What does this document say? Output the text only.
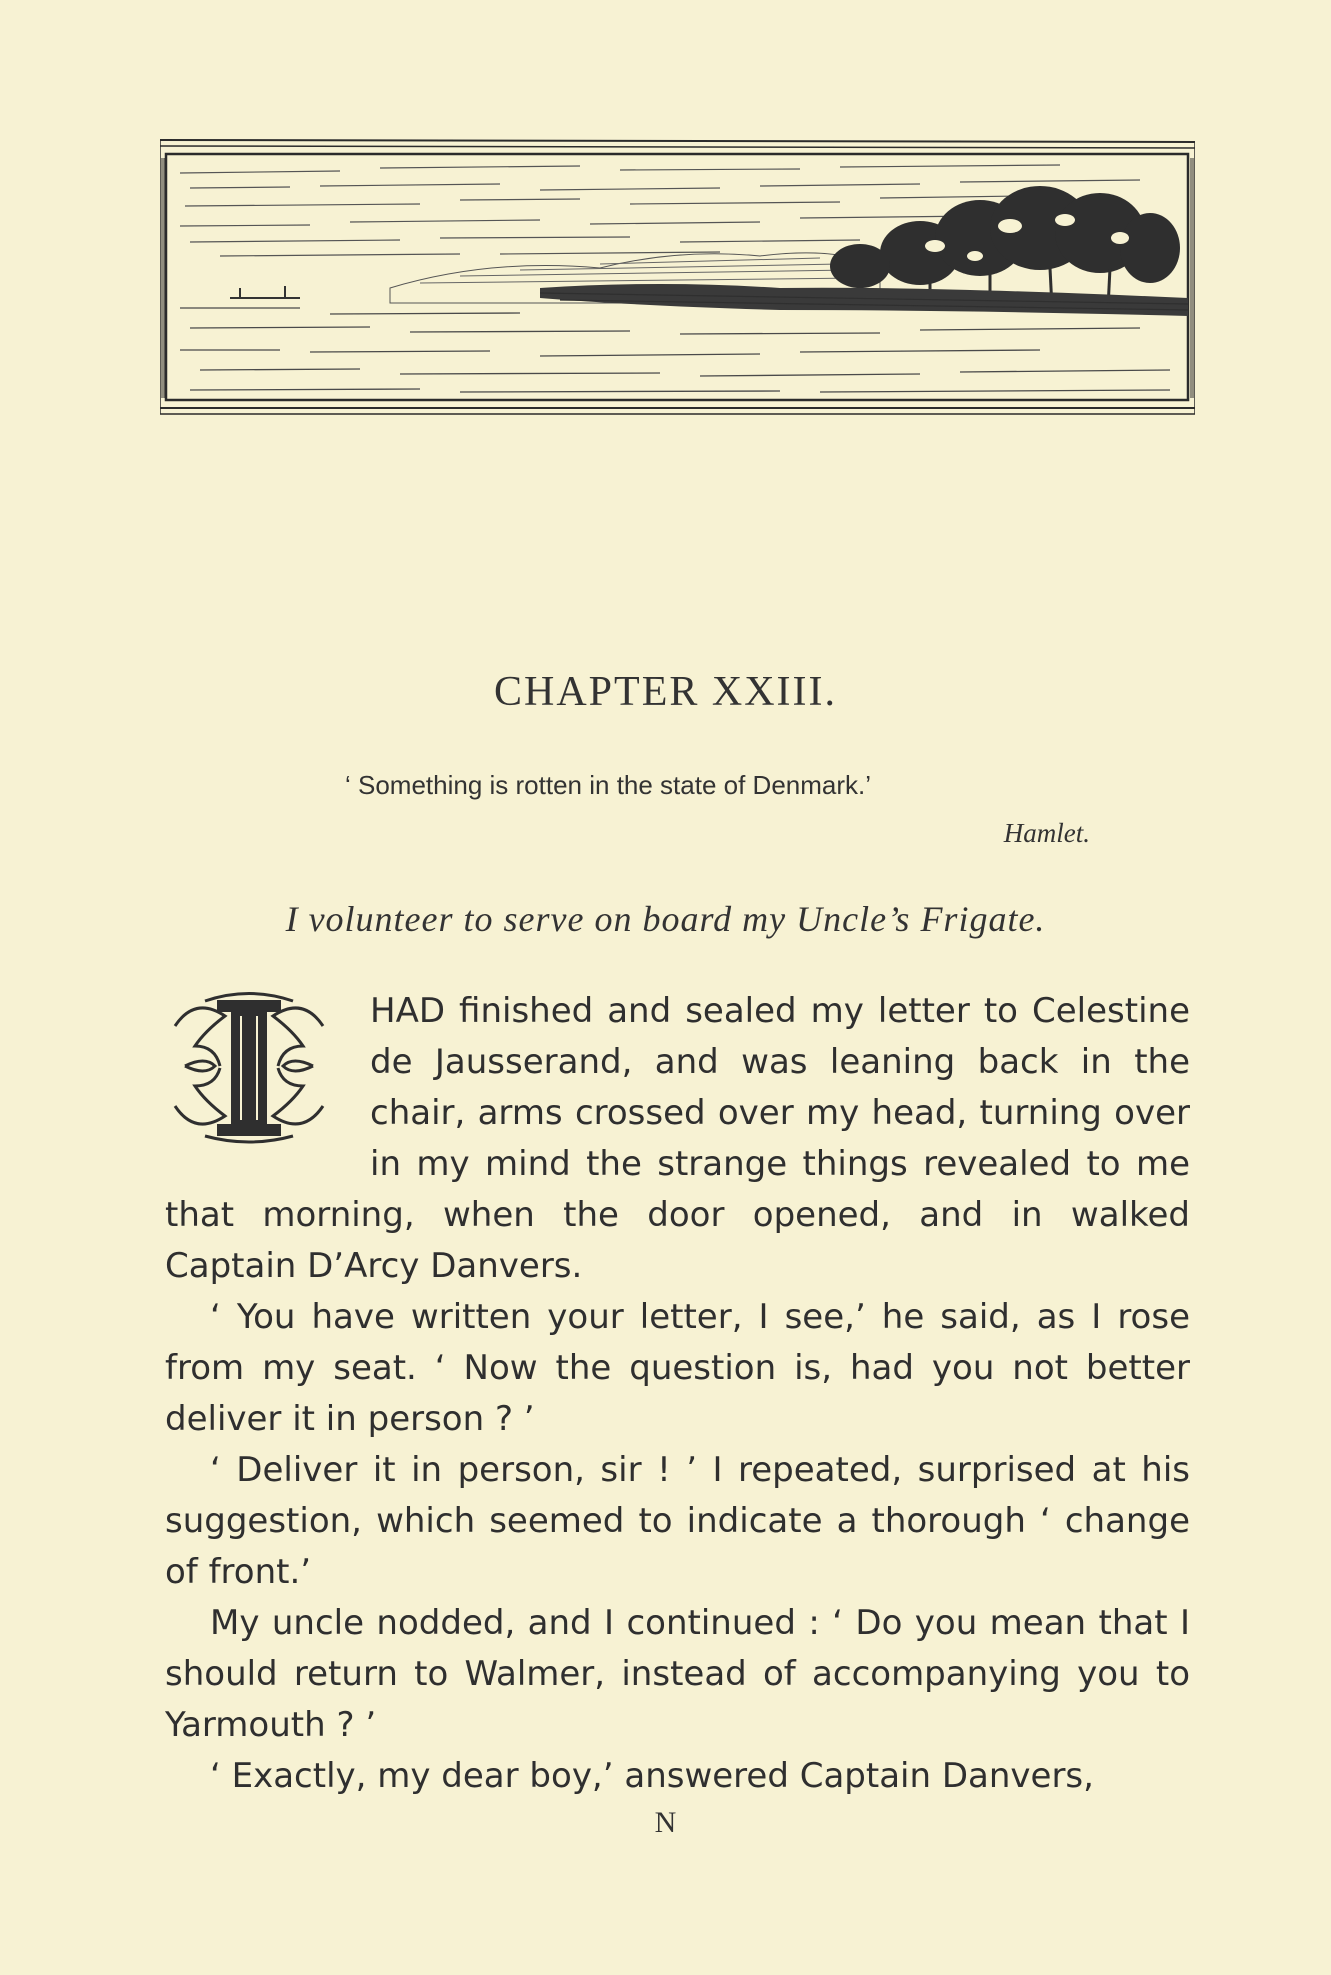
CHAPTER XXIII.

‘ Something is rotten in the state of Denmark.’

Hamlet.

I volunteer to serve on board my Uncle’s Frigate.

HAD finished and sealed my letter to Celestine de Jausserand, and was leaning back in the chair, arms crossed over my head, turning over in my mind the strange things revealed to me that morning, when the door opened, and in walked Captain D’Arcy Danvers.

‘ You have written your letter, I see,’ he said, as I rose from my seat. ‘ Now the question is, had you not better deliver it in person ? ’

‘ Deliver it in person, sir ! ’ I repeated, surprised at his suggestion, which seemed to indicate a thorough ‘ change of front.’

My uncle nodded, and I continued : ‘ Do you mean that I should return to Walmer, instead of accompanying you to Yarmouth ? ’

‘ Exactly, my dear boy,’ answered Captain Danvers,

N
